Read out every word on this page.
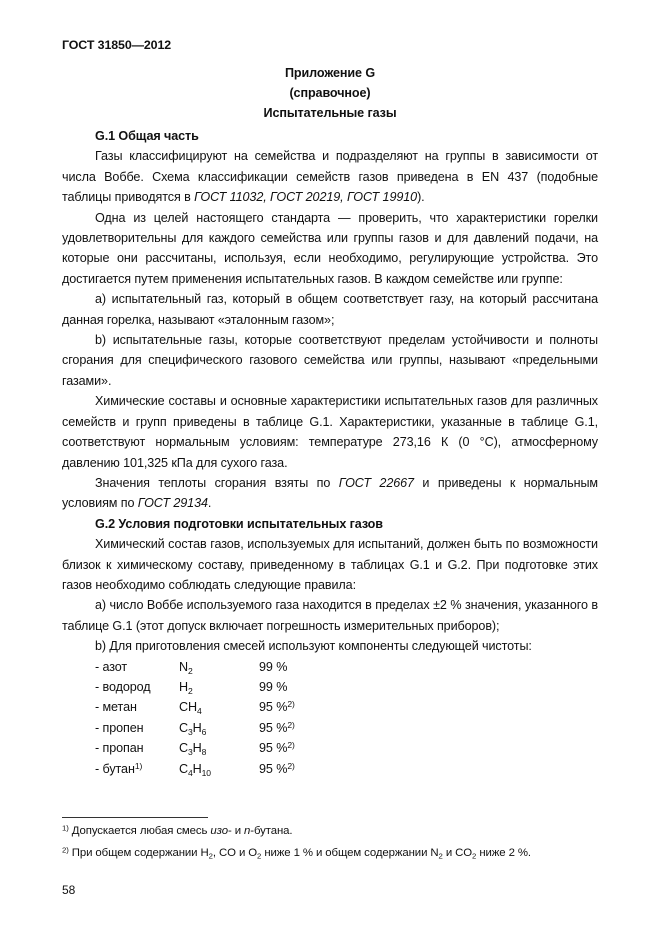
ГОСТ 31850—2012
Приложение G
(справочное)
Испытательные газы

G.1 Общая часть

Газы классифицируют на семейства и подразделяют на группы в зависимости от числа Воббе. Схема классификации семейств газов приведена в EN 437 (подобные таблицы приводятся в ГОСТ 11032, ГОСТ 20219, ГОСТ 19910).

Одна из целей настоящего стандарта — проверить, что характеристики горелки удовлетворительны для каждого семейства или группы газов и для давлений подачи, на которые они рассчитаны, используя, если необходимо, регулирующие устройства. Это достигается путем применения испытательных газов. В каждом семействе или группе:

а) испытательный газ, который в общем соответствует газу, на который рассчитана данная горелка, называют «эталонным газом»;

b) испытательные газы, которые соответствуют пределам устойчивости и полноты сгорания для специфического газового семейства или группы, называют «предельными газами».

Химические составы и основные характеристики испытательных газов для различных семейств и групп приведены в таблице G.1. Характеристики, указанные в таблице G.1, соответствуют нормальным условиям: температуре 273,16 К (0 °С), атмосферному давлению 101,325 кПа для сухого газа.

Значения теплоты сгорания взяты по ГОСТ 22667 и приведены к нормальным условиям по ГОСТ 29134.

G.2 Условия подготовки испытательных газов

Химический состав газов, используемых для испытаний, должен быть по возможности близок к химическому составу, приведенному в таблицах G.1 и G.2. При подготовке этих газов необходимо соблюдать следующие правила:

а) число Воббе используемого газа находится в пределах ±2 % значения, указанного в таблице G.1 (этот допуск включает погрешность измерительных приборов);

b) Для приготовления смесей используют компоненты следующей чистоты:

- азот	$N_2$	99 %
- водород	$H_2$	99 %
- метан	$CH_4$	95 %$^{2)}$
- пропен	$C_3H_6$	95 %$^{2)}$
- пропан	$C_3H_8$	95 %$^{2)}$
- бутан$^{1)}$	$C_4H_{10}$	95 %$^{2)}$
$^{1)}$ Допускается любая смесь изо- и n-бутана.
$^{2)}$ При общем содержании $H_2$, CO и $O_2$ ниже 1 % и общем содержании $N_2$ и $CO_2$ ниже 2 %.
58
